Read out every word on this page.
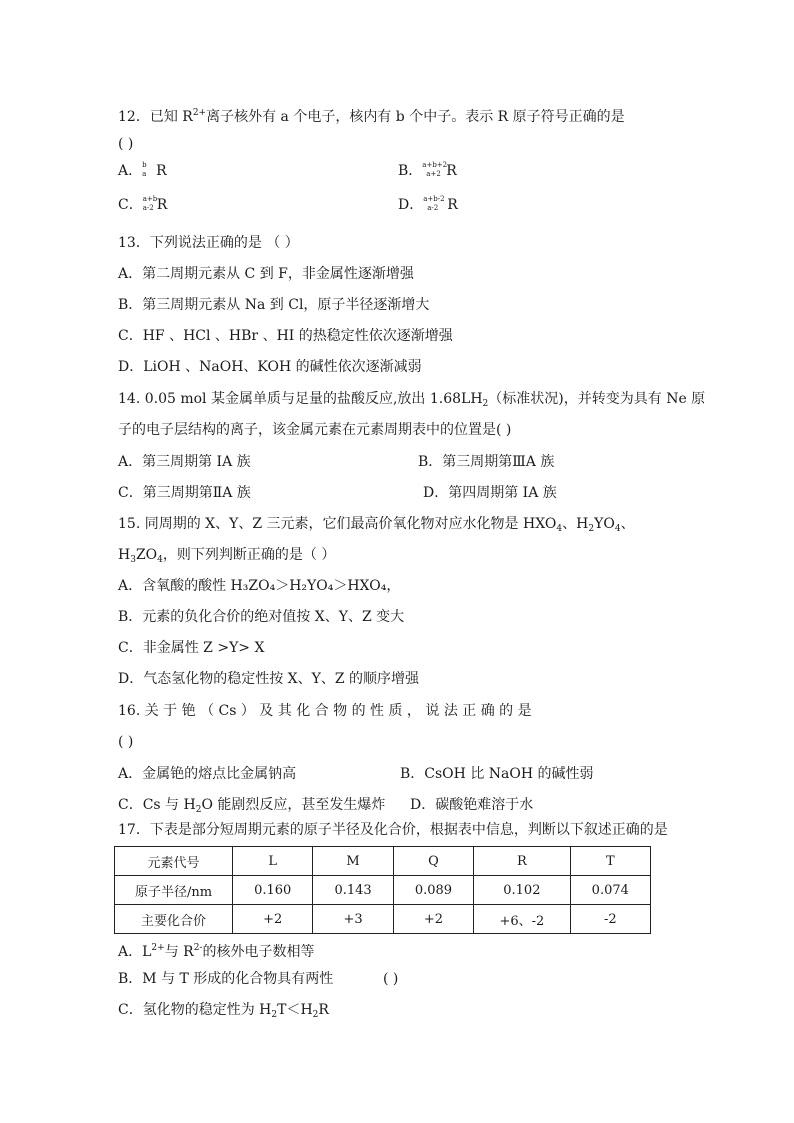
12．已知 $R^{2+}$离子核外有 a 个电子，核内有 b 个中子。表示 R 原子符号正确的是
( )
A． b
a R	B． a+b+2
a+2 R
C． a+b
a-2 R	D． a+b-2
a-2 R
13．下列说法正确的是 （ ）
A．第二周期元素从 C 到 F，非金属性逐渐增强
B．第三周期元素从 Na 到 Cl，原子半径逐渐增大
C．HF 、HCl 、HBr 、HI 的热稳定性依次逐渐增强
D．LiOH 、NaOH、KOH 的碱性依次逐渐减弱
14. 0.05 mol 某金属单质与足量的盐酸反应,放出 $1.68LH_2$（标准状况)，并转变为具有 Ne 原
子的电子层结构的离子，该金属元素在元素周期表中的位置是( )
A．第三周期第 IA 族	B．第三周期第ⅢA 族
C．第三周期第ⅡA 族	D．第四周期第 IA 族
15. 同周期的 X、Y、Z 三元素，它们最高价氧化物对应水化物是 $HXO_4$、$H_2YO_4$、
$H_3ZO_4$，则下列判断正确的是（ ）
A．含氧酸的酸性 H₃ZO₄＞H₂YO₄＞HXO₄，
B．元素的负化合价的绝对值按 X、Y、Z 变大
C．非金属性 Z >Y> X
D．气态氢化物的稳定性按 X、Y、Z 的顺序增强
16. 关 于 铯 （ Cs ） 及 其 化 合 物 的 性 质 ， 说 法 正 确 的 是
( )
A．金属铯的熔点比金属钠高	B．CsOH 比 NaOH 的碱性弱
C．Cs 与 $H_2O$ 能剧烈反应，甚至发生爆炸 D．碳酸铯难溶于水
17．下表是部分短周期元素的原子半径及化合价，根据表中信息，判断以下叙述正确的是
元素代号	L	M	Q	R	T
原子半径/nm	0.160	0.143	0.089	0.102	0.074
主要化合价	+2	+3	+2	+6、-2	-2
A．$L^{2+}$与 $R^{2-}$的核外电子数相等
B．M 与 T 形成的化合物具有两性	( )
C．氢化物的稳定性为 $H_2T<H_2R$
